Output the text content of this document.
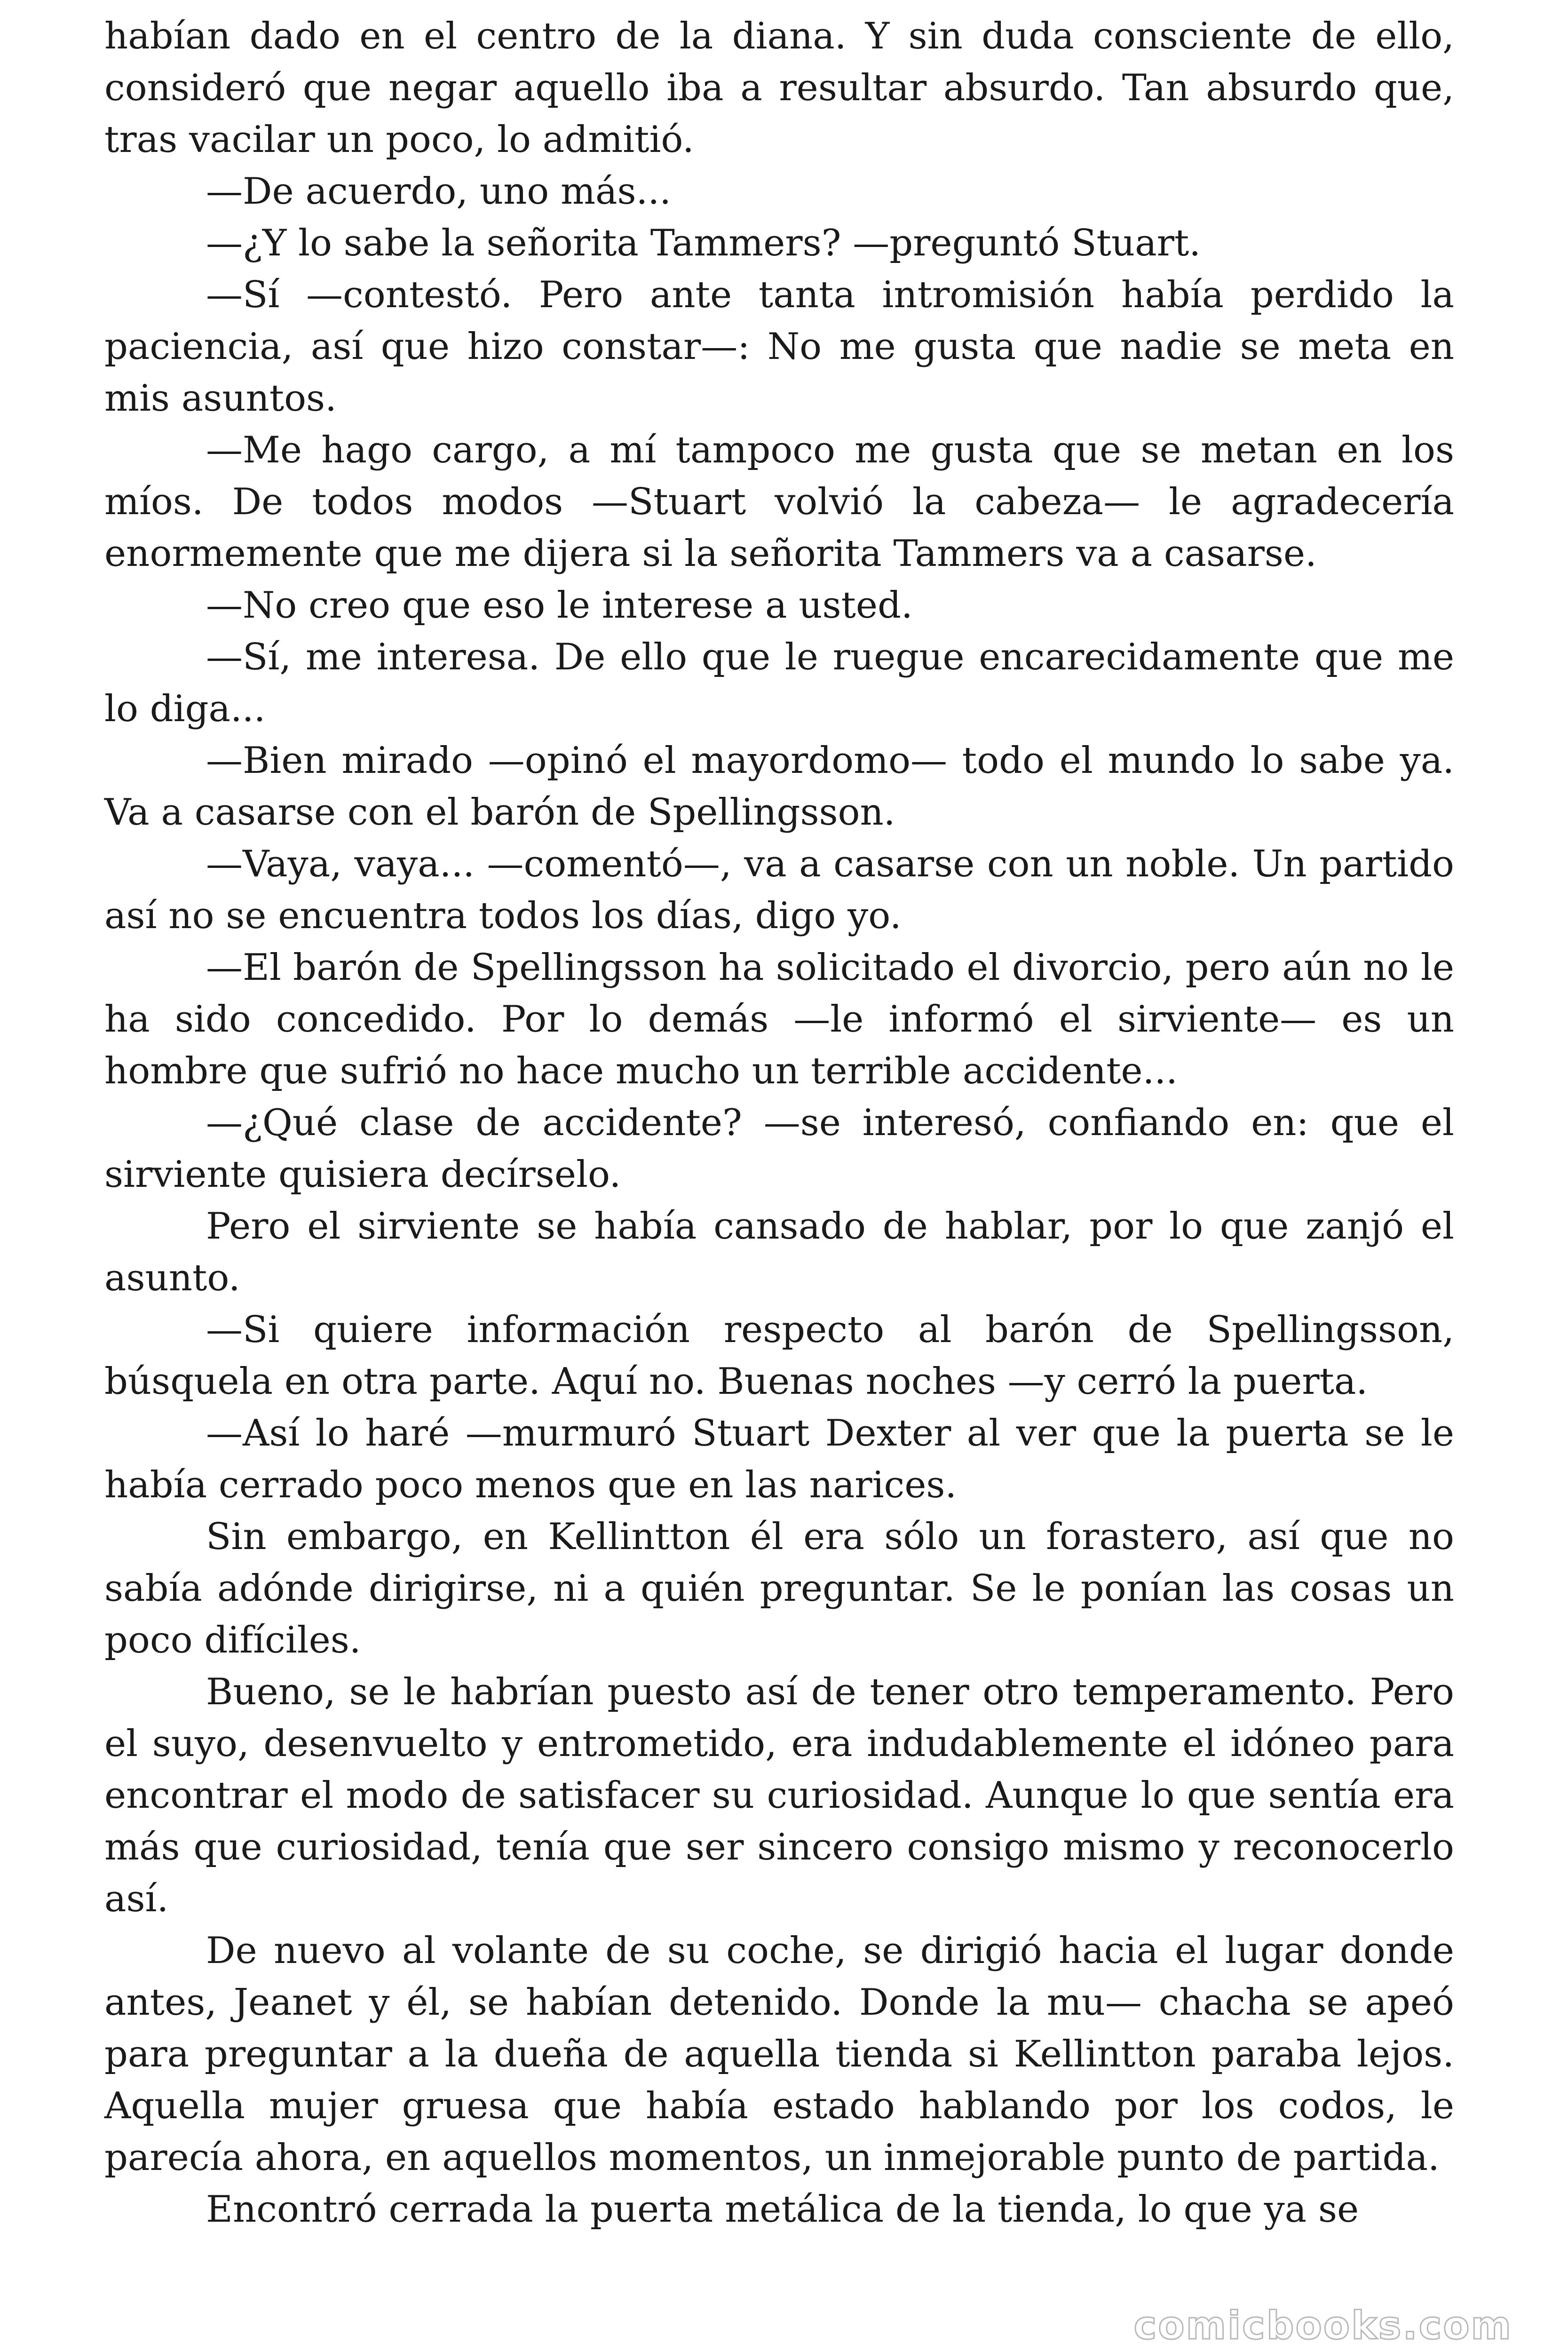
habían dado en el centro de la diana. Y sin duda consciente de ello, consideró que negar aquello iba a resultar absurdo. Tan absurdo que, tras vacilar un poco, lo admitió.

—De acuerdo, uno más...

—¿Y lo sabe la señorita Tammers? —preguntó Stuart.

—Sí —contestó. Pero ante tanta intromisión había perdido la paciencia, así que hizo constar—: No me gusta que nadie se meta en mis asuntos.

—Me hago cargo, a mí tampoco me gusta que se metan en los míos. De todos modos —Stuart volvió la cabeza— le agradecería enormemente que me dijera si la señorita Tammers va a casarse.

—No creo que eso le interese a usted.

—Sí, me interesa. De ello que le ruegue encarecidamente que me lo diga...

—Bien mirado —opinó el mayordomo— todo el mundo lo sabe ya. Va a casarse con el barón de Spellingsson.

—Vaya, vaya... —comentó—, va a casarse con un noble. Un partido así no se encuentra todos los días, digo yo.

—El barón de Spellingsson ha solicitado el divorcio, pero aún no le ha sido concedido. Por lo demás —le informó el sirviente— es un hombre que sufrió no hace mucho un terrible accidente...

—¿Qué clase de accidente? —se interesó, confiando en: que el sirviente quisiera decírselo.

Pero el sirviente se había cansado de hablar, por lo que zanjó el asunto.

—Si quiere información respecto al barón de Spellingsson, búsquela en otra parte. Aquí no. Buenas noches —y cerró la puerta.

—Así lo haré —murmuró Stuart Dexter al ver que la puerta se le había cerrado poco menos que en las narices.

Sin embargo, en Kellintton él era sólo un forastero, así que no sabía adónde dirigirse, ni a quién preguntar. Se le ponían las cosas un poco difíciles.

Bueno, se le habrían puesto así de tener otro temperamento. Pero el suyo, desenvuelto y entrometido, era indudablemente el idóneo para encontrar el modo de satisfacer su curiosidad. Aunque lo que sentía era más que curiosidad, tenía que ser sincero consigo mismo y reconocerlo así.

De nuevo al volante de su coche, se dirigió hacia el lugar donde antes, Jeanet y él, se habían detenido. Donde la mu— chacha se apeó para preguntar a la dueña de aquella tienda si Kellintton paraba lejos. Aquella mujer gruesa que había estado hablando por los codos, le parecía ahora, en aquellos momentos, un inmejorable punto de partida.

Encontró cerrada la puerta metálica de la tienda, lo que ya se

comicbooks.com
